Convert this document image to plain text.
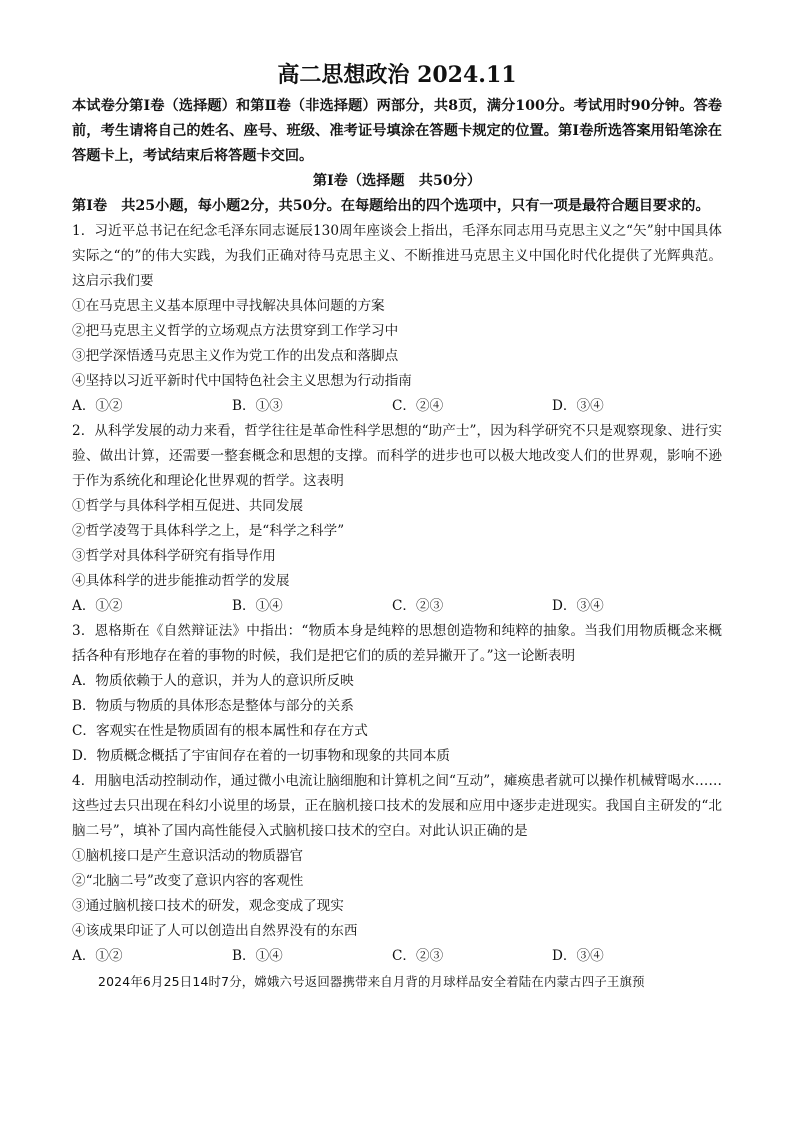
高二思想政治 2024.11
本试卷分第Ⅰ卷（选择题）和第Ⅱ卷（非选择题）两部分，共8页，满分100分。考试用时90分钟。答卷前，考生请将自己的姓名、座号、班级、准考证号填涂在答题卡规定的位置。第Ⅰ卷所选答案用铅笔涂在答题卡上，考试结束后将答题卡交回。
第Ⅰ卷（选择题　共50分）
第Ⅰ卷　共25小题，每小题2分，共50分。在每题给出的四个选项中，只有一项是最符合题目要求的。
1．习近平总书记在纪念毛泽东同志诞辰130周年座谈会上指出，毛泽东同志用马克思主义之“矢”射中国具体实际之“的”的伟大实践，为我们正确对待马克思主义、不断推进马克思主义中国化时代化提供了光辉典范。这启示我们要
①在马克思主义基本原理中寻找解决具体问题的方案
②把马克思主义哲学的立场观点方法贯穿到工作学习中
③把学深悟透马克思主义作为党工作的出发点和落脚点
④坚持以习近平新时代中国特色社会主义思想为行动指南
A．①②	B．①③	C．②④	D．③④
2．从科学发展的动力来看，哲学往往是革命性科学思想的“助产士”，因为科学研究不只是观察现象、进行实验、做出计算，还需要一整套概念和思想的支撑。而科学的进步也可以极大地改变人们的世界观，影响不逊于作为系统化和理论化世界观的哲学。这表明
①哲学与具体科学相互促进、共同发展
②哲学凌驾于具体科学之上，是“科学之科学”
③哲学对具体科学研究有指导作用
④具体科学的进步能推动哲学的发展
A．①②	B．①④	C．②③	D．③④
3．恩格斯在《自然辩证法》中指出：“物质本身是纯粹的思想创造物和纯粹的抽象。当我们用物质概念来概括各种有形地存在着的事物的时候，我们是把它们的质的差异撇开了。”这一论断表明
A．物质依赖于人的意识，并为人的意识所反映
B．物质与物质的具体形态是整体与部分的关系
C．客观实在性是物质固有的根本属性和存在方式
D．物质概念概括了宇宙间存在着的一切事物和现象的共同本质
4．用脑电活动控制动作，通过微小电流让脑细胞和计算机之间“互动”，瘫痪患者就可以操作机械臂喝水……这些过去只出现在科幻小说里的场景，正在脑机接口技术的发展和应用中逐步走进现实。我国自主研发的“北脑二号”，填补了国内高性能侵入式脑机接口技术的空白。对此认识正确的是
①脑机接口是产生意识活动的物质器官
②“北脑二号”改变了意识内容的客观性
③通过脑机接口技术的研发，观念变成了现实
④该成果印证了人可以创造出自然界没有的东西
A．①②	B．①④	C．②③	D．③④
2024年6月25日14时7分，嫦娥六号返回器携带来自月背的月球样品安全着陆在内蒙古四子王旗预
